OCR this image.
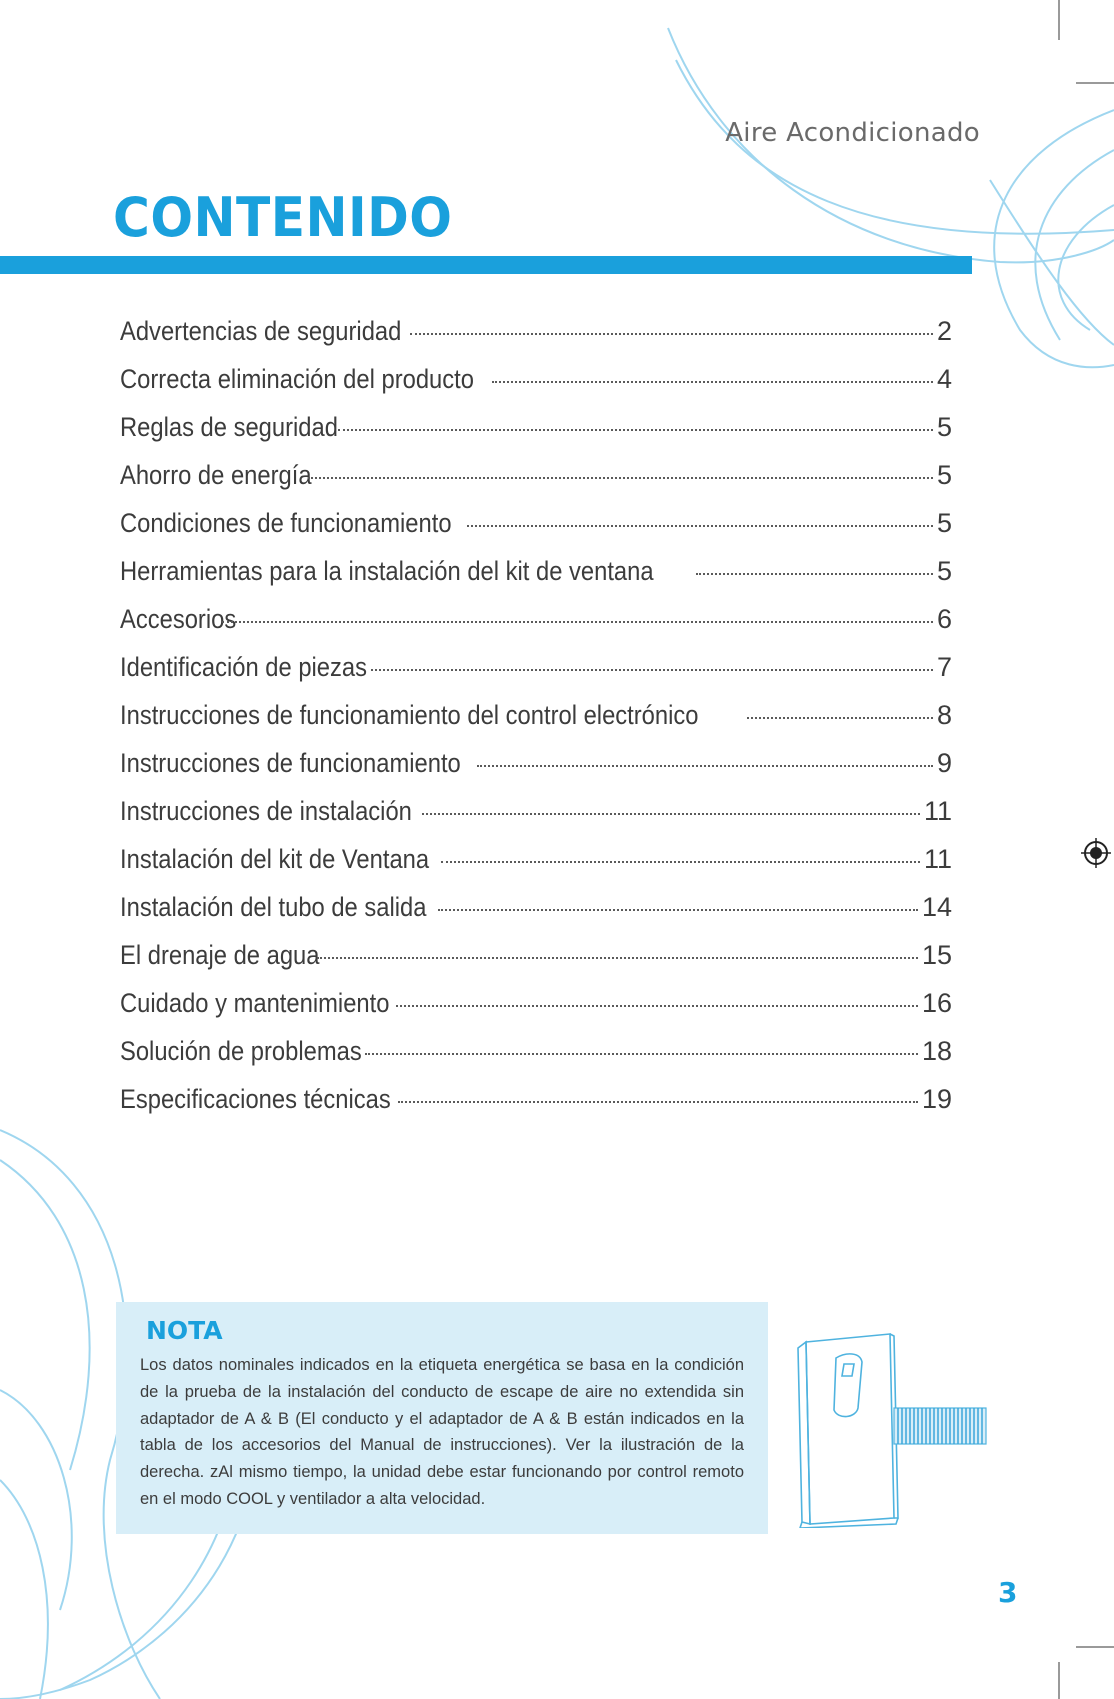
Aire Acondicionado
CONTENIDO
Advertencias de seguridad	2
Correcta eliminación del producto	4
Reglas de seguridad	5
Ahorro de energía	5
Condiciones de funcionamiento	5
Herramientas para la instalación del kit de ventana	5
Accesorios	6
Identificación de piezas	7
Instrucciones de funcionamiento del control electrónico	8
Instrucciones de funcionamiento	9
Instrucciones de instalación	11
Instalación del kit de Ventana	11
Instalación del tubo de salida	14
El drenaje de agua	15
Cuidado y mantenimiento	16
Solución de problemas	18
Especificaciones técnicas	19
NOTA

Los datos nominales indicados en la etiqueta energética se basa en la condición de la prueba de la instalación del conducto de escape de aire no extendida sin adaptador de A & B (El conducto y el adaptador de A & B están indicados en la tabla de los accesorios del Manual de instrucciones). Ver la ilustración de la derecha. zAl mismo tiempo, la unidad debe estar funcionando por control remoto en el modo COOL y ventilador a alta velocidad.

3
